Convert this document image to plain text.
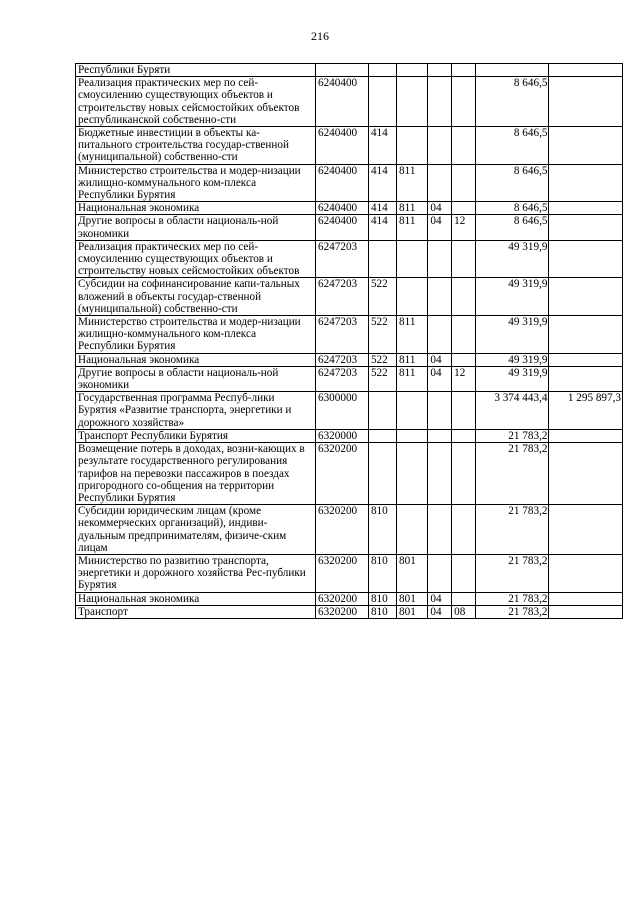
216
Республики Буряти							
Реализация практических мер по сей-смоусилению существующих объектов и строительству новых сейсмостойких объектов республиканской собственно-сти	6240400					8 646,5	
Бюджетные инвестиции в объекты ка-питального строительства государ-ственной (муниципальной) собственно-сти	6240400	414				8 646,5	
Министерство строительства и модер-низации жилищно-коммунального ком-плекса Республики Бурятия	6240400	414	811			8 646,5	
Национальная экономика	6240400	414	811	04		8 646,5	
Другие вопросы в области националь-ной экономики	6240400	414	811	04	12	8 646,5	
Реализация практических мер по сей-смоусилению существующих объектов и строительству новых сейсмостойких объектов	6247203					49 319,9	
Субсидии на софинансирование капи-тальных вложений в объекты государ-ственной (муниципальной) собственно-сти	6247203	522				49 319,9	
Министерство строительства и модер-низации жилищно-коммунального ком-плекса Республики Бурятия	6247203	522	811			49 319,9	
Национальная экономика	6247203	522	811	04		49 319,9	
Другие вопросы в области националь-ной экономики	6247203	522	811	04	12	49 319,9	
Государственная программа Респуб-лики Бурятия «Развитие транспорта, энергетики и дорожного хозяйства»	6300000					3 374 443,4	1 295 897,3
Транспорт Республики Бурятия	6320000					21 783,2	
Возмещение потерь в доходах, возни-кающих в результате государственного регулирования тарифов на перевозки пассажиров в поездах пригородного со-общения на территории Республики Бурятия	6320200					21 783,2	
Субсидии юридическим лицам (кроме некоммерческих организаций), индиви-дуальным предпринимателям, физиче-ским лицам	6320200	810				21 783,2	
Министерство по развитию транспорта, энергетики и дорожного хозяйства Рес-публики Бурятия	6320200	810	801			21 783,2	
Национальная экономика	6320200	810	801	04		21 783,2	
Транспорт	6320200	810	801	04	08	21 783,2	
